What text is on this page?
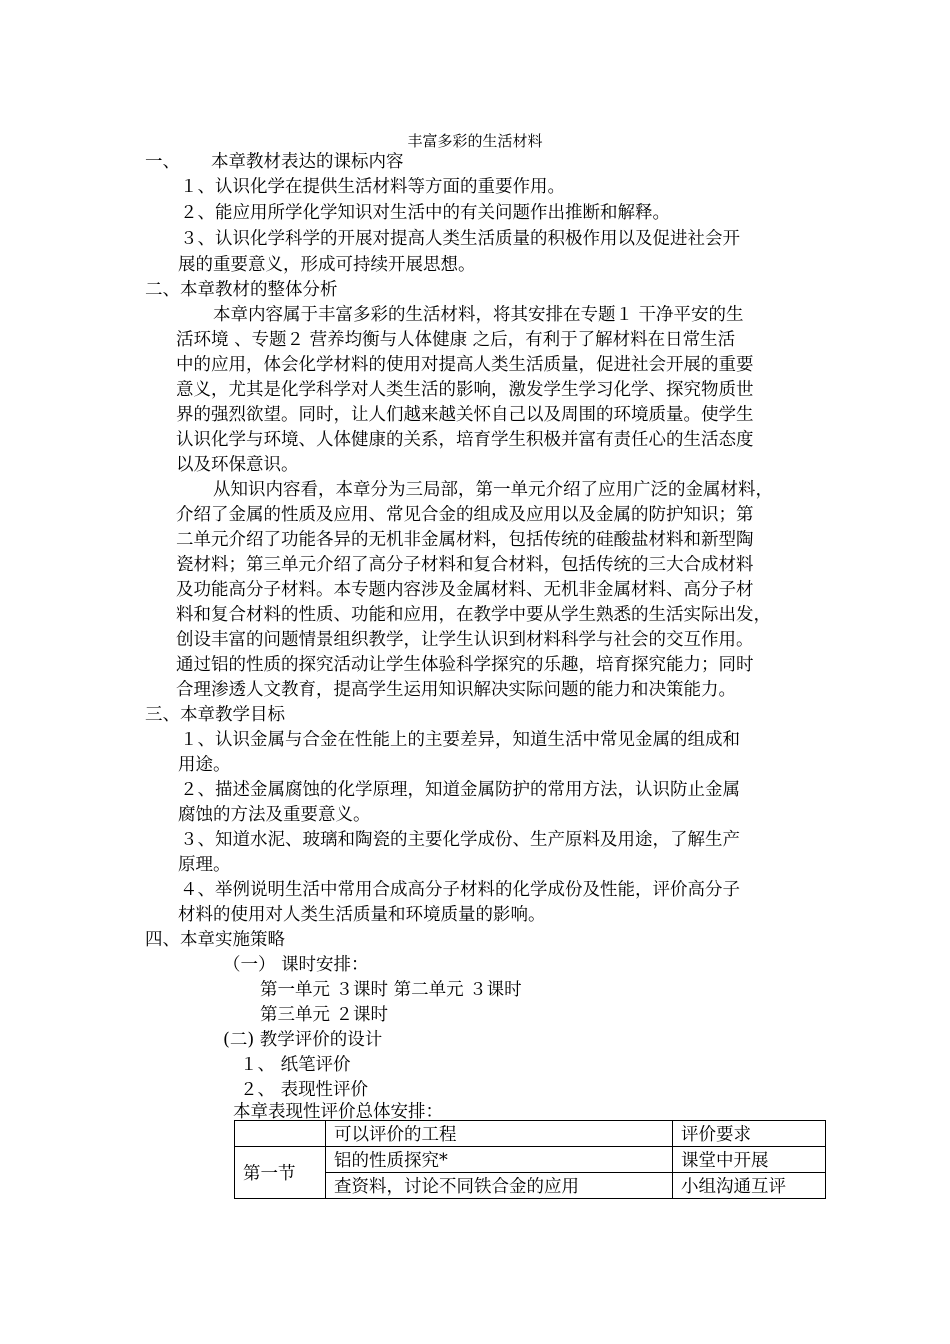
丰富多彩的生活材料
一、 本章教材表达的课标内容
１、认识化学在提供生活材料等方面的重要作用。
２、能应用所学化学知识对生活中的有关问题作出推断和解释。
３、认识化学科学的开展对提高人类生活质量的积极作用以及促进社会开
展的重要意义，形成可持续开展思想。
二、本章教材的整体分析
本章内容属于丰富多彩的生活材料，将其安排在专题１ 干净平安的生
活环境 、专题２ 营养均衡与人体健康 之后，有利于了解材料在日常生活
中的应用，体会化学材料的使用对提高人类生活质量，促进社会开展的重要
意义，尤其是化学科学对人类生活的影响，激发学生学习化学、探究物质世
界的强烈欲望。同时，让人们越来越关怀自己以及周围的环境质量。使学生
认识化学与环境、人体健康的关系，培育学生积极并富有责任心的生活态度
以及环保意识。
从知识内容看，本章分为三局部，第一单元介绍了应用广泛的金属材料，
介绍了金属的性质及应用、常见合金的组成及应用以及金属的防护知识；第
二单元介绍了功能各异的无机非金属材料，包括传统的硅酸盐材料和新型陶
瓷材料；第三单元介绍了高分子材料和复合材料，包括传统的三大合成材料
及功能高分子材料。本专题内容涉及金属材料、无机非金属材料、高分子材
料和复合材料的性质、功能和应用，在教学中要从学生熟悉的生活实际出发，
创设丰富的问题情景组织教学，让学生认识到材料科学与社会的交互作用。
通过铝的性质的探究活动让学生体验科学探究的乐趣，培育探究能力；同时
合理渗透人文教育，提高学生运用知识解决实际问题的能力和决策能力。
三、本章教学目标
１、认识金属与合金在性能上的主要差异，知道生活中常见金属的组成和
用途。
２、描述金属腐蚀的化学原理，知道金属防护的常用方法，认识防止金属
腐蚀的方法及重要意义。
３、知道水泥、玻璃和陶瓷的主要化学成份、生产原料及用途，了解生产
原理。
４、举例说明生活中常用合成高分子材料的化学成份及性能，评价高分子
材料的使用对人类生活质量和环境质量的影响。
四、本章实施策略
（一） 课时安排：
第一单元 ３课时 第二单元 ３课时
第三单元 ２课时
(二) 教学评价的设计
１、 纸笔评价
２、 表现性评价
本章表现性评价总体安排：
	可以评价的工程	评价要求
第一节	铝的性质探究*	课堂中开展
	查资料，讨论不同铁合金的应用	小组沟通互评
